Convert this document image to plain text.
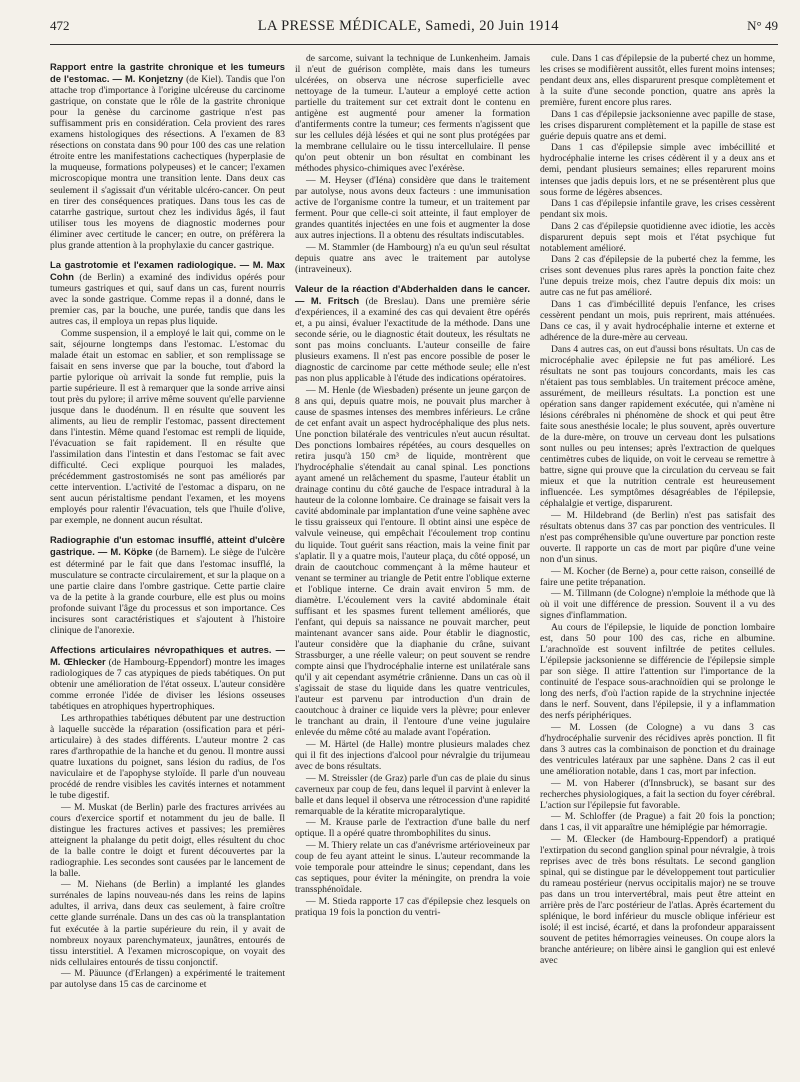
472	LA PRESSE MÉDICALE, Samedi, 20 Juin 1914	N° 49

Rapport entre la gastrite chronique et les tumeurs de l'estomac. — M. Konjetzny (de Kiel). Tandis que l'on attache trop d'importance à l'origine ulcéreuse du carcinome gastrique, on constate que le rôle de la gastrite chronique pour la genèse du carcinome gastrique n'est pas suffisamment pris en considération. Cela provient des rares examens histologiques des résections. A l'examen de 83 résections on constata dans 90 pour 100 des cas une relation étroite entre les manifestations cachectiques (hyperplasie de la muqueuse, formations polypeuses) et le cancer; l'examen microscopique montra une transition lente. Dans deux cas seulement il s'agissait d'un véritable ulcéro-cancer. On peut en tirer des conséquences pratiques. Dans tous les cas de catarrhe gastrique, surtout chez les individus âgés, il faut utiliser tous les moyens de diagnostic modernes pour éliminer avec certitude le cancer; en outre, on préfèrera la plus grande attention à la prophylaxie du cancer gastrique.

La gastrotomie et l'examen radiologique. — M. Max Cohn (de Berlin) a examiné des individus opérés pour tumeurs gastriques et qui, sauf dans un cas, furent nourris avec la sonde gastrique. Comme repas il a donné, dans le premier cas, par la bouche, une purée, tandis que dans les autres cas, il employa un repas plus liquide.

Comme suspension, il a employé le lait qui, comme on le sait, séjourne longtemps dans l'estomac. L'estomac du malade était un estomac en sablier, et son remplissage se faisait en sens inverse que par la bouche, tout d'abord la partie pylorique où arrivait la sonde fut remplie, puis la partie supérieure. Il est à remarquer que la sonde arrive ainsi tout près du pylore; il arrive même souvent qu'elle parvienne jusque dans le duodénum. Il en résulte que souvent les aliments, au lieu de remplir l'estomac, passent directement dans l'intestin. Même quand l'estomac est rempli de liquide, l'évacuation se fait rapidement. Il en résulte que l'assimilation dans l'intestin et dans l'estomac se fait avec difficulté. Ceci explique pourquoi les malades, précédemment gastrostomisés ne sont pas améliorés par cette intervention. L'activité de l'estomac a disparu, on ne sent aucun péristaltisme pendant l'examen, et les moyens employés pour ralentir l'évacuation, tels que l'huile d'olive, par exemple, ne donnent aucun résultat.

Radiographie d'un estomac insufflé, atteint d'ulcère gastrique. — M. Köpke (de Barnem). Le siège de l'ulcère est déterminé par le fait que dans l'estomac insufflé, la musculature se contracte circulairement, et sur la plaque on a une partie claire dans l'ombre gastrique. Cette partie claire va de la petite à la grande courbure, elle est plus ou moins profonde suivant l'âge du processus et son importance. Ces incisures sont caractéristiques et s'ajoutent à l'histoire clinique de l'anorexie.

Affections articulaires névropathiques et autres. — M. Œhlecker (de Hambourg-Eppendorf) montre les images radiologiques de 7 cas atypiques de pieds tabétiques. On put obtenir une amélioration de l'état osseux. L'auteur considère comme erronée l'idée de diviser les lésions osseuses tabétiques en atrophiques hypertrophiques.

Les arthropathies tabétiques débutent par une destruction à laquelle succède la réparation (ossification para et péri-articulaire) à des stades différents. L'auteur montre 2 cas rares d'arthropathie de la hanche et du genou. Il montre aussi quatre luxations du poignet, sans lésion du radius, de l'os naviculaire et de l'apophyse styloïde. Il parle d'un nouveau procédé de rendre visibles les cavités internes et notamment le tube digestif.

— M. Muskat (de Berlin) parle des fractures arrivées au cours d'exercice sportif et notamment du jeu de balle. Il distingue les fractures actives et passives; les premières atteignent la phalange du petit doigt, elles résultent du choc de la balle contre le doigt et furent découvertes par la radiographie. Les secondes sont causées par le lancement de la balle.

— M. Niehans (de Berlin) a implanté les glandes surrénales de lapins nouveau-nés dans les reins de lapins adultes, il arriva, dans deux cas seulement, à faire croître cette glande surrénale. Dans un des cas où la transplantation fut exécutée à la partie supérieure du rein, il y avait de nombreux noyaux parenchymateux, jaunâtres, entourés de tissu interstitiel. A l'examen microscopique, on voyait des nids cellulaires entourés de tissu conjonctif.

— M. Päuunce (d'Erlangen) a expérimenté le traitement par autolyse dans 15 cas de carcinome et

de sarcome, suivant la technique de Lunkenheim. Jamais il n'eut de guérison complète, mais dans les tumeurs ulcérées, on observa une nécrose superficielle avec nettoyage de la tumeur. L'auteur a employé cette action partielle du traitement sur cet extrait dont le contenu en antigène est augmenté pour amener la formation d'antiferments contre la tumeur; ces ferments n'agissent que sur les cellules déjà lésées et qui ne sont plus protégées par la membrane cellulaire ou le tissu intercellulaire. Il pense qu'on peut obtenir un bon résultat en combinant les méthodes physico-chimiques avec l'exérèse.

— M. Heyser (d'Iéna) considère que dans le traitement par autolyse, nous avons deux facteurs : une immunisation active de l'organisme contre la tumeur, et un traitement par ferment. Pour que celle-ci soit atteinte, il faut employer de grandes quantités injectées en une fois et augmenter la dose aux autres injections. Il a obtenu des résultats indiscutables.

— M. Stammler (de Hambourg) n'a eu qu'un seul résultat depuis quatre ans avec le traitement par autolyse (intraveineux).

Valeur de la réaction d'Abderhalden dans le cancer. — M. Fritsch (de Breslau). Dans une première série d'expériences, il a examiné des cas qui devaient être opérés et, a pu ainsi, évaluer l'exactitude de la méthode. Dans une seconde série, ou le diagnostic était douteux, les résultats ne sont pas moins concluants. L'auteur conseille de faire plusieurs examens. Il n'est pas encore possible de poser le diagnostic de carcinome par cette méthode seule; elle n'est pas non plus applicable à l'étude des indications opératoires.

— M. Henle (de Wiesbaden) présente un jeune garçon de 8 ans qui, depuis quatre mois, ne pouvait plus marcher à cause de spasmes intenses des membres inférieurs. Le crâne de cet enfant avait un aspect hydrocéphalique des plus nets. Une ponction bilatérale des ventricules n'eut aucun résultat. Des ponctions lombaires répétées, au cours desquelles on retira jusqu'à 150 cm³ de liquide, montrèrent que l'hydrocéphalie s'étendait au canal spinal. Les ponctions ayant amené un relâchement du spasme, l'auteur établit un drainage continu du côté gauche de l'espace intradural à la hauteur de la colonne lombaire. Ce drainage se faisait vers la cavité abdominale par implantation d'une veine saphène avec le tissu graisseux qui l'entoure. Il obtint ainsi une espèce de valvule veineuse, qui empêchait l'écoulement trop continu du liquide. Tout guérit sans réaction, mais la veine finit par s'aplatir. Il y a quatre mois, l'auteur plaça, du côté opposé, un drain de caoutchouc commençant à la même hauteur et venant se terminer au triangle de Petit entre l'oblique externe et l'oblique interne. Ce drain avait environ 5 mm. de diamètre. L'écoulement vers la cavité abdominale était suffisant et les spasmes furent tellement améliorés, que l'enfant, qui depuis sa naissance ne pouvait marcher, peut maintenant avancer sans aide. Pour établir le diagnostic, l'auteur considère que la diaphanie du crâne, suivant Strassburger, a une réelle valeur; on peut souvent se rendre compte ainsi que l'hydrocéphalie interne est unilatérale sans qu'il y ait cependant asymétrie crânienne. Dans un cas où il s'agissait de stase du liquide dans les quatre ventricules, l'auteur est parvenu par introduction d'un drain de caoutchouc à drainer ce liquide vers la plèvre; pour enlever le tranchant au drain, il l'entoure d'une veine jugulaire enlevée du même côté au malade avant l'opération.

— M. Härtel (de Halle) montre plusieurs malades chez qui il fit des injections d'alcool pour névralgie du trijumeau avec de bons résultats.

— M. Streissler (de Graz) parle d'un cas de plaie du sinus caverneux par coup de feu, dans lequel il parvint à enlever la balle et dans lequel il observa une rétrocession d'une rapidité remarquable de la kératite microparalytique.

— M. Krause parle de l'extraction d'une balle du nerf optique. Il a opéré quatre thrombophilites du sinus.

— M. Thiery relate un cas d'anévrisme artérioveineux par coup de feu ayant atteint le sinus. L'auteur recommande la voie temporale pour atteindre le sinus; cependant, dans les cas septiques, pour éviter la méningite, on prendra la voie transsphénoïdale.

— M. Stieda rapporte 17 cas d'épilepsie chez lesquels on pratiqua 19 fois la ponction du ventri-

cule. Dans 1 cas d'épilepsie de la puberté chez un homme, les crises se modifièrent aussitôt, elles furent moins intenses; pendant deux ans, elles disparurent presque complètement et à la suite d'une seconde ponction, quatre ans après la première, furent encore plus rares.

Dans 1 cas d'épilepsie jacksonienne avec papille de stase, les crises disparurent complètement et la papille de stase est guérie depuis quatre ans et demi.

Dans 1 cas d'épilepsie simple avec imbécillité et hydrocéphalie interne les crises cédèrent il y a deux ans et demi, pendant plusieurs semaines; elles reparurent moins intenses que jadis depuis lors, et ne se présentèrent plus que sous forme de légères absences.

Dans 1 cas d'épilepsie infantile grave, les crises cessèrent pendant six mois.

Dans 2 cas d'épilepsie quotidienne avec idiotie, les accès disparurent depuis sept mois et l'état psychique fut notablement amélioré.

Dans 2 cas d'épilepsie de la puberté chez la femme, les crises sont devenues plus rares après la ponction faite chez l'une depuis treize mois, chez l'autre depuis dix mois: un autre cas ne fut pas amélioré.

Dans 1 cas d'imbécillité depuis l'enfance, les crises cessèrent pendant un mois, puis reprirent, mais atténuées. Dans ce cas, il y avait hydrocéphalie interne et externe et adhérence de la dure-mère au cerveau.

Dans 4 autres cas, on eut d'aussi bons résultats. Un cas de microcéphalie avec épilepsie ne fut pas amélioré. Les résultats ne sont pas toujours concordants, mais les cas n'étaient pas tous semblables. Un traitement précoce amène, assurément, de meilleurs résultats. La ponction est une opération sans danger rapidement exécutée, qui n'amène ni lésions cérébrales ni phénomène de shock et qui peut être faite sous anesthésie locale; le plus souvent, après ouverture de la dure-mère, on trouve un cerveau dont les pulsations sont nulles ou peu intenses; après l'extraction de quelques centimètres cubes de liquide, on voit le cerveau se remettre à battre, signe qui prouve que la circulation du cerveau se fait mieux et que la nutrition centrale est heureusement influencée. Les symptômes désagréables de l'épilepsie, céphalalgie et vertige, disparurent.

— M. Hildebrand (de Berlin) n'est pas satisfait des résultats obtenus dans 37 cas par ponction des ventricules. Il n'est pas compréhensible qu'une ouverture par ponction reste ouverte. Il rapporte un cas de mort par piqûre d'une veine non d'un sinus.

— M. Kocher (de Berne) a, pour cette raison, conseillé de faire une petite trépanation.

— M. Tillmann (de Cologne) n'emploie la méthode que là où il voit une différence de pression. Souvent il a vu des signes d'inflammation.

Au cours de l'épilepsie, le liquide de ponction lombaire est, dans 50 pour 100 des cas, riche en albumine. L'arachnoïde est souvent infiltrée de petites cellules. L'épilepsie jacksonienne se différencie de l'épilepsie simple par son siège. Il attire l'attention sur l'importance de la continuité de l'espace sous-arachnoïdien qui se prolonge le long des nerfs, d'où l'action rapide de la strychnine injectée dans le nerf. Souvent, dans l'épilepsie, il y a inflammation des nerfs périphériques.

— M. Lossen (de Cologne) a vu dans 3 cas d'hydrocéphalie survenir des récidives après ponction. Il fit dans 3 autres cas la combinaison de ponction et du drainage des ventricules latéraux par une saphène. Dans 2 cas il eut une amélioration notable, dans 1 cas, mort par infection.

— M. von Haberer (d'Innsbruck), se basant sur des recherches physiologiques, a fait la section du foyer cérébral. L'action sur l'épilepsie fut favorable.

— M. Schloffer (de Prague) a fait 20 fois la ponction; dans 1 cas, il vit apparaître une hémiplégie par hémorragie.

— M. Œlecker (de Hambourg-Eppendorf) a pratiqué l'extirpation du second ganglion spinal pour névralgie, à trois reprises avec de très bons résultats. Le second ganglion spinal, qui se distingue par le développement tout particulier du rameau postérieur (nervus occipitalis major) ne se trouve pas dans un trou intervertébral, mais peut être atteint en arrière près de l'arc postérieur de l'atlas. Après écartement du splénique, le bord inférieur du muscle oblique inférieur est isolé; il est incisé, écarté, et dans la profondeur apparaissent souvent de petites hémorragies veineuses. On coupe alors la branche antérieure; on libère ainsi le ganglion qui est enlevé avec
